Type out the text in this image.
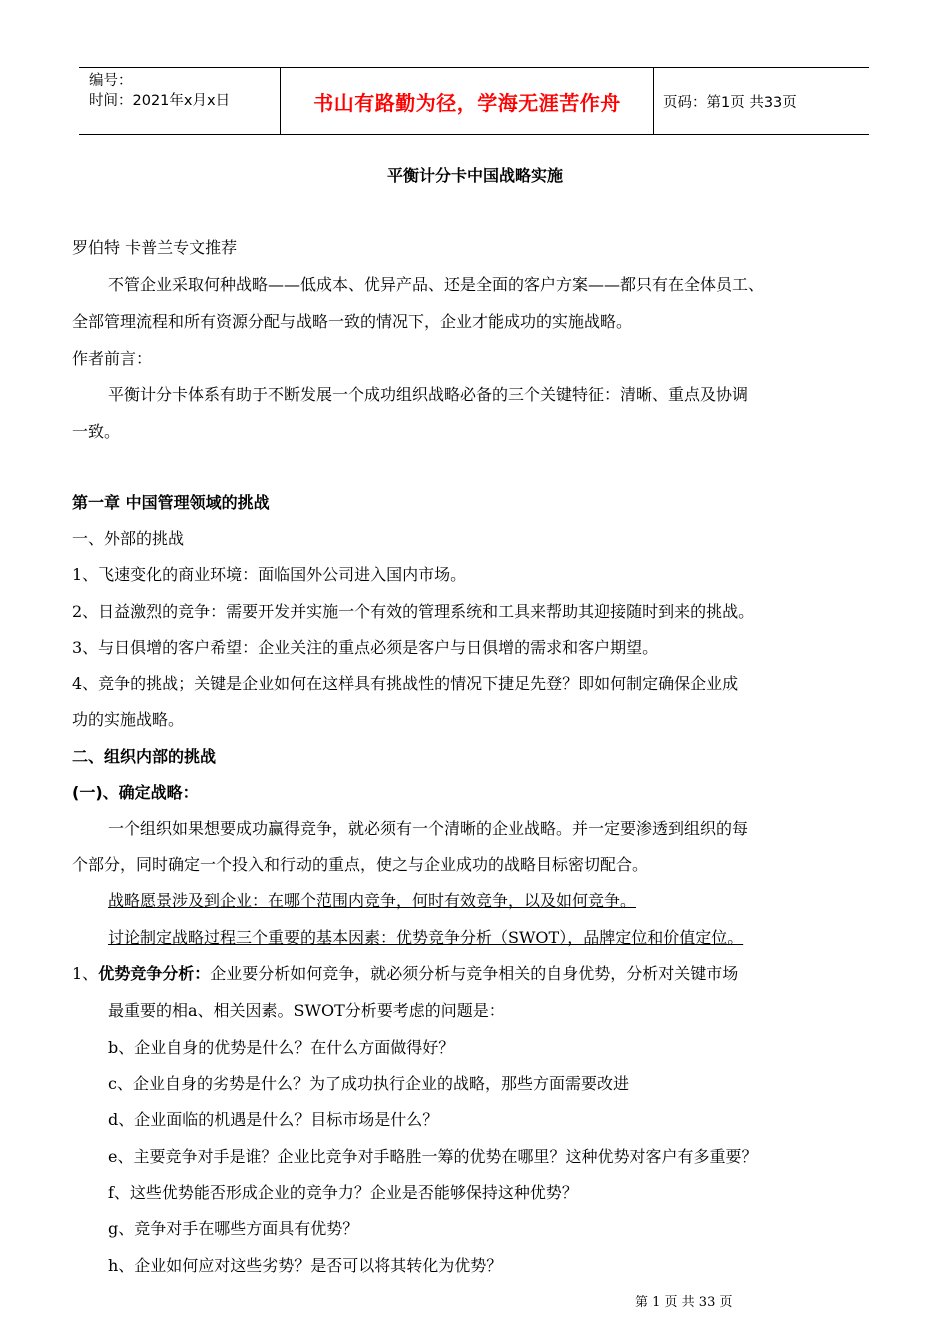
编号：
时间：2021年x月x日	书山有路勤为径，学海无涯苦作舟	页码：第1页 共33页
平衡计分卡中国战略实施
罗伯特 卡普兰专文推荐
不管企业采取何种战略——低成本、优异产品、还是全面的客户方案——都只有在全体员工、
全部管理流程和所有资源分配与战略一致的情况下，企业才能成功的实施战略。
作者前言：
平衡计分卡体系有助于不断发展一个成功组织战略必备的三个关键特征：清晰、重点及协调
一致。
第一章 中国管理领域的挑战
一、外部的挑战
1、飞速变化的商业环境：面临国外公司进入国内市场。
2、日益激烈的竞争：需要开发并实施一个有效的管理系统和工具来帮助其迎接随时到来的挑战。
3、与日俱增的客户希望：企业关注的重点必须是客户与日俱增的需求和客户期望。
4、竞争的挑战；关键是企业如何在这样具有挑战性的情况下捷足先登？即如何制定确保企业成
功的实施战略。
二、组织内部的挑战
(一)、确定战略：
一个组织如果想要成功赢得竞争，就必须有一个清晰的企业战略。并一定要渗透到组织的每
个部分，同时确定一个投入和行动的重点，使之与企业成功的战略目标密切配合。
战略愿景涉及到企业：在哪个范围内竞争，何时有效竞争，以及如何竞争。
讨论制定战略过程三个重要的基本因素：优势竞争分析（SWOT），品牌定位和价值定位。
1、优势竞争分析：企业要分析如何竞争，就必须分析与竞争相关的自身优势，分析对关键市场
最重要的相a、相关因素。SWOT分析要考虑的问题是：
b、企业自身的优势是什么？在什么方面做得好？
c、企业自身的劣势是什么？为了成功执行企业的战略，那些方面需要改进
d、企业面临的机遇是什么？目标市场是什么？
e、主要竞争对手是谁？企业比竞争对手略胜一筹的优势在哪里？这种优势对客户有多重要？
f、这些优势能否形成企业的竞争力？企业是否能够保持这种优势？
g、竞争对手在哪些方面具有优势？
h、企业如何应对这些劣势？是否可以将其转化为优势？
第 1 页 共 33 页
